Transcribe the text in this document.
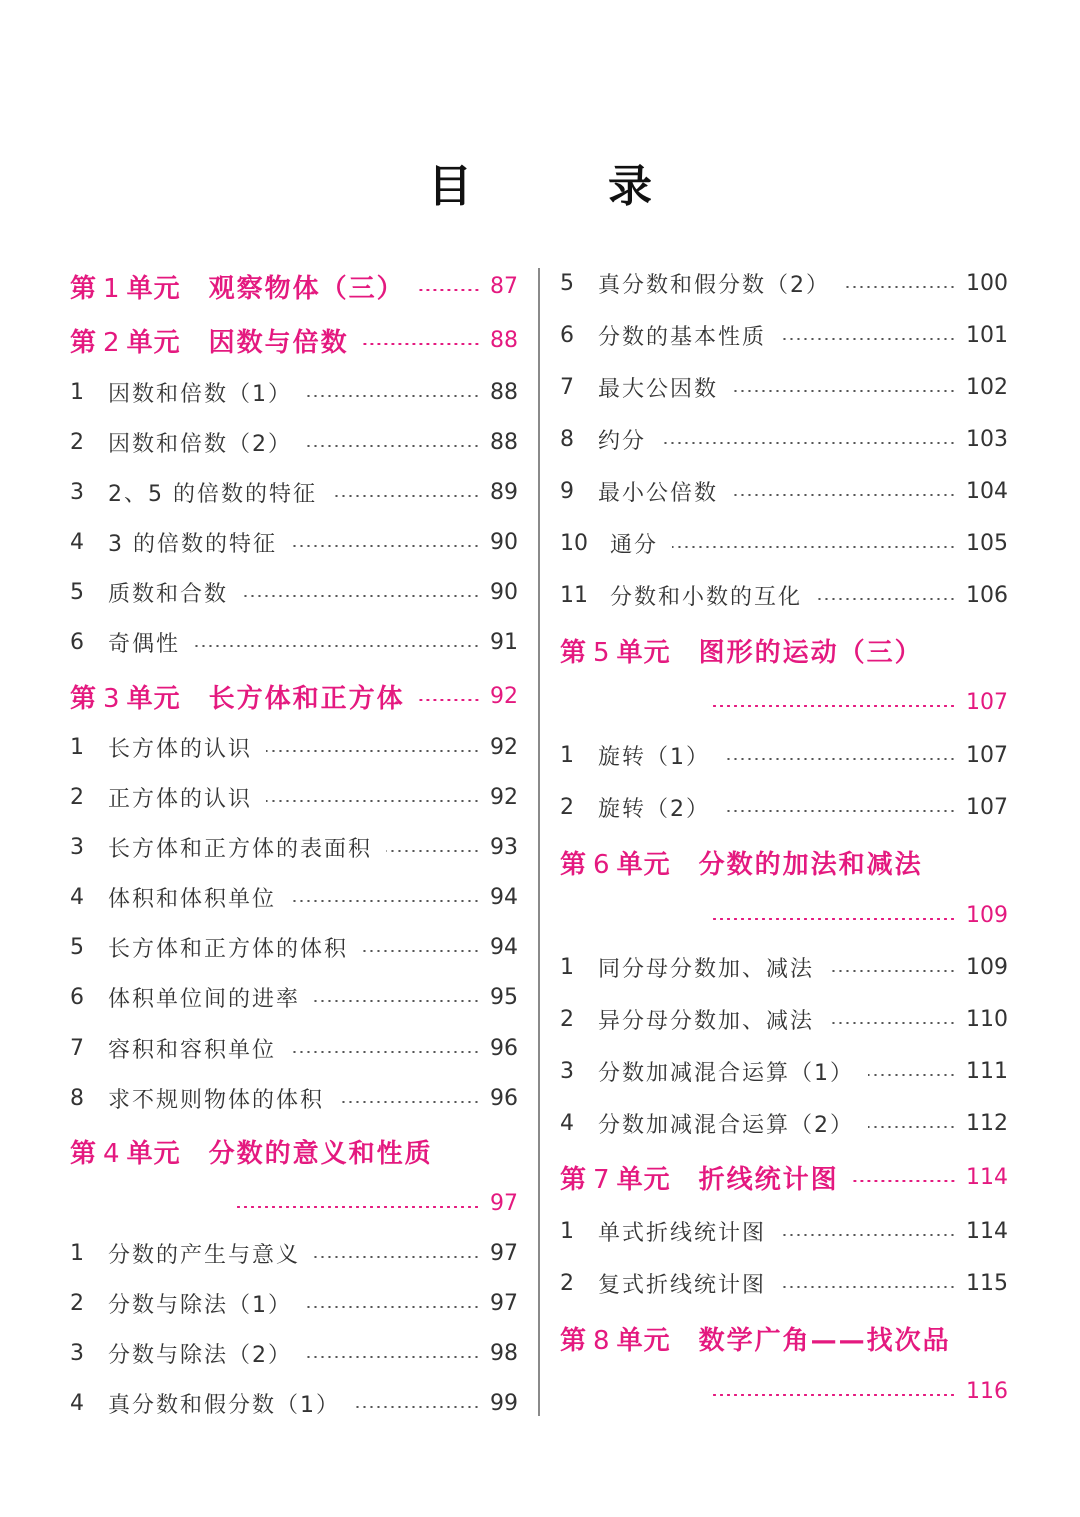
目　录
第 1 单元 观察物体（三）	87
第 2 单元 因数与倍数	88
1	因数和倍数（1）	88
2	因数和倍数（2）	88
3	2、5 的倍数的特征	89
4	3 的倍数的特征	90
5	质数和合数	90
6	奇偶性	91
第 3 单元 长方体和正方体	92
1	长方体的认识	92
2	正方体的认识	92
3	长方体和正方体的表面积	93
4	体积和体积单位	94
5	长方体和正方体的体积	94
6	体积单位间的进率	95
7	容积和容积单位	96
8	求不规则物体的体积	96
第 4 单元 分数的意义和性质
97
1	分数的产生与意义	97
2	分数与除法（1）	97
3	分数与除法（2）	98
4	真分数和假分数（1）	99
5	真分数和假分数（2）	100
6	分数的基本性质	101
7	最大公因数	102
8	约分	103
9	最小公倍数	104
10	通分	105
11	分数和小数的互化	106
第 5 单元 图形的运动（三）
107
1	旋转（1）	107
2	旋转（2）	107
第 6 单元 分数的加法和减法
109
1	同分母分数加、减法	109
2	异分母分数加、减法	110
3	分数加减混合运算（1）	111
4	分数加减混合运算（2）	112
第 7 单元 折线统计图	114
1	单式折线统计图	114
2	复式折线统计图	115
第 8 单元 数学广角——找次品
116
